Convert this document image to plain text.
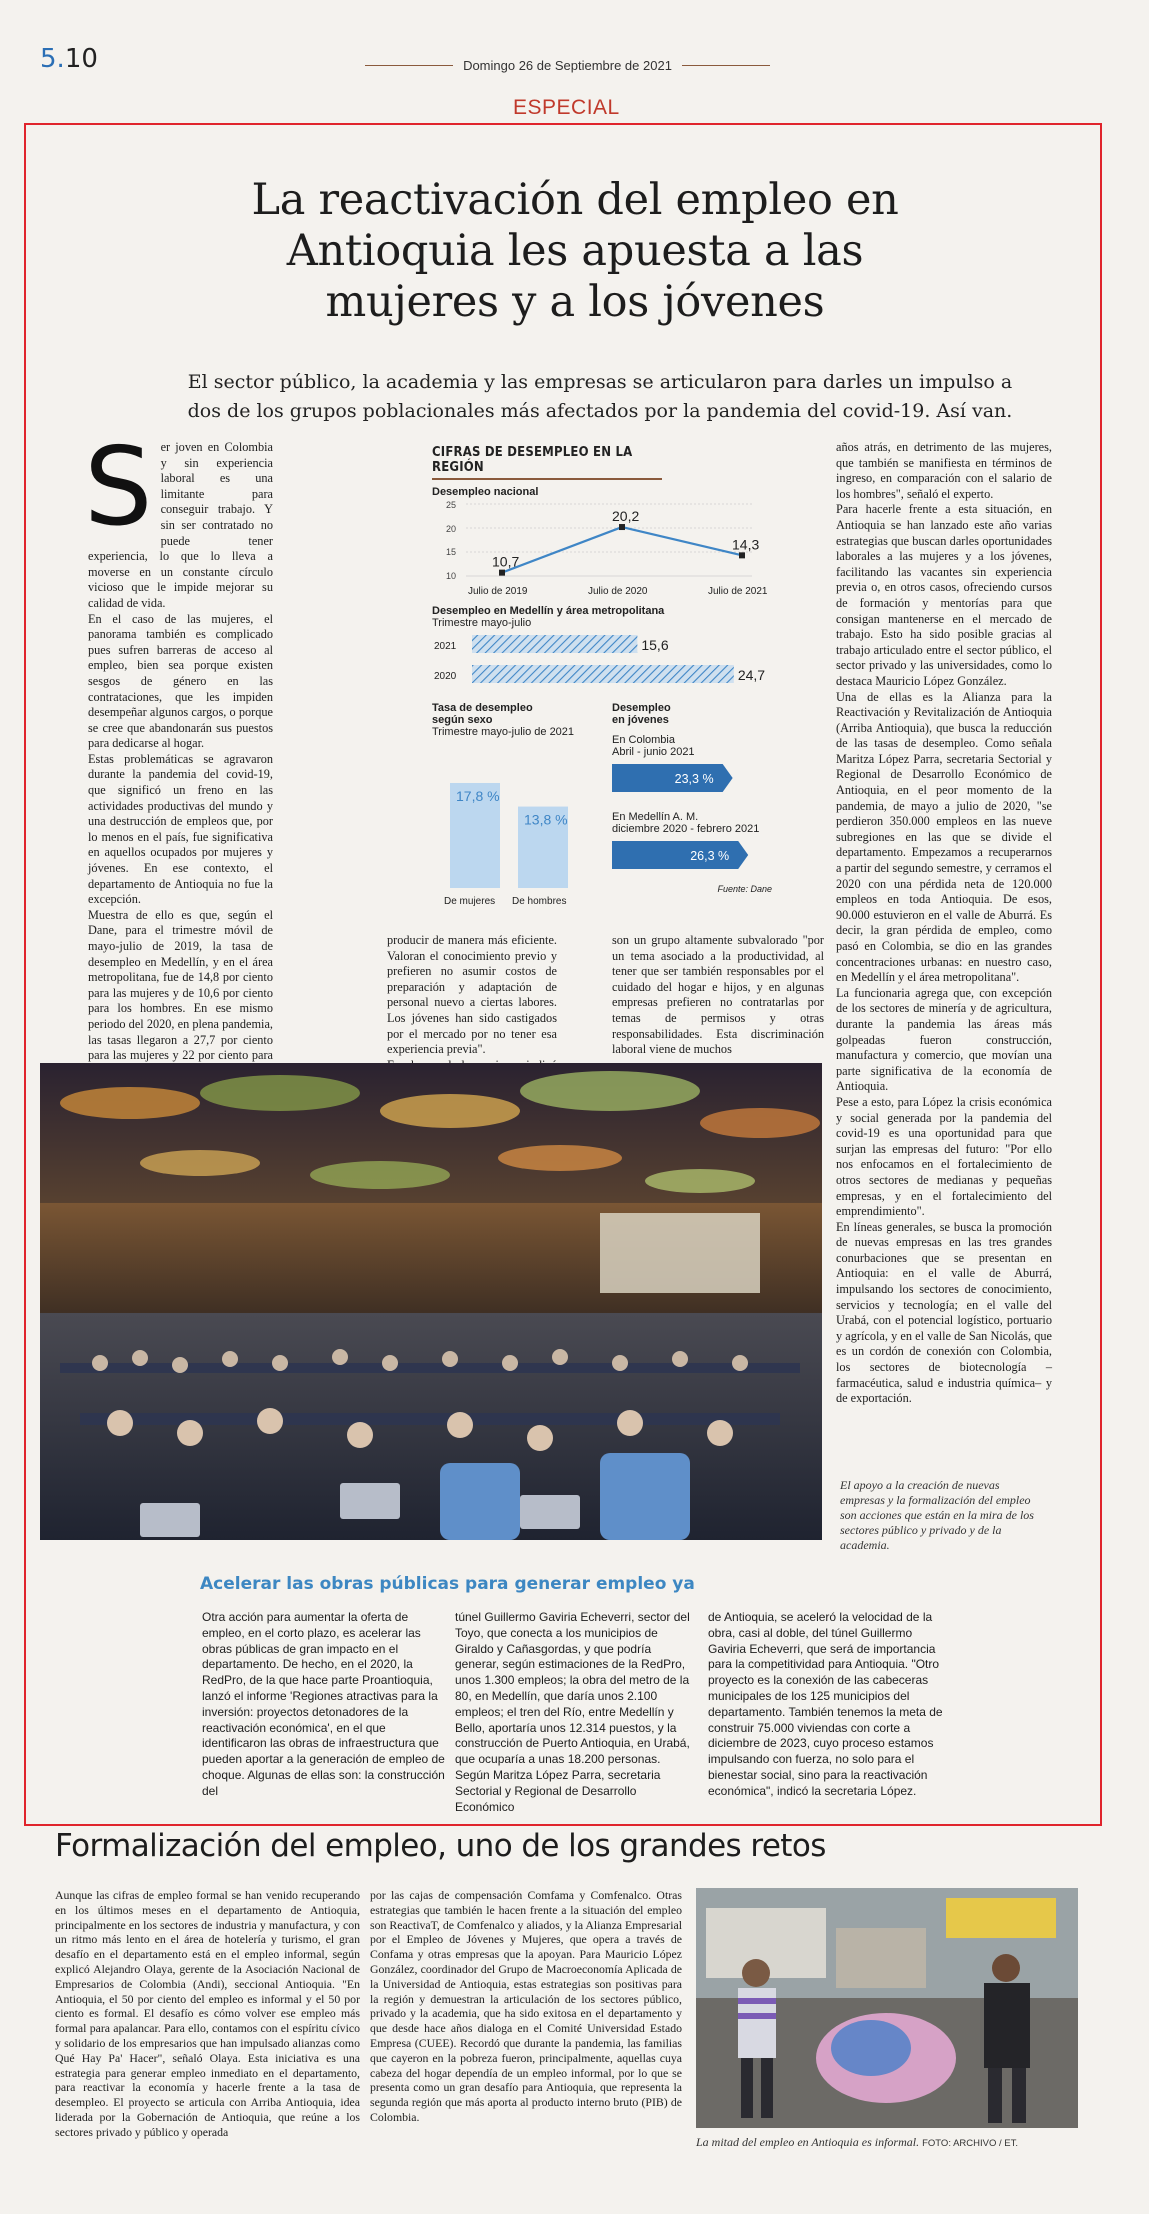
5.10	Domingo 26 de Septiembre de 2021
ESPECIAL
La reactivación del empleo en Antioquia les apuesta a las mujeres y a los jóvenes

El sector público, la academia y las empresas se articularon para darles un impulso a dos de los grupos poblacionales más afectados por la pandemia del covid-19. Así van.

S er joven en Colombia y sin experiencia laboral es una limitante para conseguir trabajo. Y sin ser contratado no puede tener experiencia, lo que lo lleva a moverse en un constante círculo vicioso que le impide mejorar su calidad de vida.

En el caso de las mujeres, el panorama también es complicado pues sufren barreras de acceso al empleo, bien sea porque existen sesgos de género en las contrataciones, que les impiden desempeñar algunos cargos, o porque se cree que abandonarán sus puestos para dedicarse al hogar.

Estas problemáticas se agravaron durante la pandemia del covid-19, que significó un freno en las actividades productivas del mundo y una destrucción de empleos que, por lo menos en el país, fue significativa en aquellos ocupados por mujeres y jóvenes. En ese contexto, el departamento de Antioquia no fue la excepción.

Muestra de ello es que, según el Dane, para el trimestre móvil de mayo-julio de 2019, la tasa de desempleo en Medellín, y en el área metropolitana, fue de 14,8 por ciento para las mujeres y de 10,6 por ciento para los hombres. En ese mismo periodo del 2020, en plena pandemia, las tasas llegaron a 27,7 por ciento para las mujeres y 22 por ciento para

CIFRAS DE DESEMPLEO EN LA REGIÓN
Desempleo nacional
25
20
15
10
10,7
Julio de 2019
20,2
Julio de 2020
14,3
Julio de 2021
Desempleo en Medellín y área metropolitana
Trimestre mayo-julio
2021	15,6
2020	24,7
Tasa de desempleo
según sexo
Trimestre mayo-julio de 2021
17,8 %
De mujeres
13,8 %
De hombres
Desempleo
en jóvenes
En Colombia
Abril - junio 2021
23,3 %
En Medellín A. M.
diciembre 2020 - febrero 2021
26,3 %
Fuente: Dane

producir de manera más eficiente. Valoran el conocimiento previo y prefieren no asumir costos de preparación y adaptación de personal nuevo a ciertas labores. Los jóvenes han sido castigados por el mercado por no tener esa experiencia previa".

son un grupo altamente subvalorado "por un tema asociado a la productividad, al tener que ser también responsables por el cuidado del hogar e hijos, y en algunas empresas prefieren no contratarlas por temas de permisos y otras responsabilidades. Esta discriminación laboral viene de muchos

años atrás, en detrimento de las mujeres, que también se manifiesta en términos de ingreso, en comparación con el salario de los hombres", señaló el experto.

Para hacerle frente a esta situación, en Antioquia se han lanzado este año varias estrategias que buscan darles oportunidades laborales a las mujeres y a los jóvenes, facilitando las vacantes sin experiencia previa o, en otros casos, ofreciendo cursos de formación y mentorías para que consigan mantenerse en el mercado de trabajo. Esto ha sido posible gracias al trabajo articulado entre el sector público, el sector privado y las universidades, como lo destaca Mauricio López González.

Una de ellas es la Alianza para la Reactivación y Revitalización de Antioquia (Arriba Antioquia), que busca la reducción de las tasas de desempleo. Como señala Maritza López Parra, secretaria Sectorial y Regional de Desarrollo Económico de Antioquia, en el peor momento de la pandemia, de mayo a julio de 2020, "se perdieron 350.000 empleos en las nueve subregiones en las que se divide el departamento. Empezamos a recuperarnos a partir del segundo semestre, y cerramos el 2020 con una pérdida neta de 120.000 empleos en toda Antioquia. De esos, 90.000 estuvieron en el valle de Aburrá. Es decir, la gran pérdida de empleo, como pasó en Colombia, se dio en las grandes concentraciones urbanas: en nuestro caso, en Medellín y el área metropolitana".

La funcionaria agrega que, con excepción de los sectores de minería y de agricultura, durante la pandemia las áreas más golpeadas fueron construcción, manufactura y comercio, que movían una parte significativa de la economía de Antioquia.

Pese a esto, para López la crisis económica y social generada por la pandemia del covid-19 es una oportunidad para que surjan las empresas del futuro: "Por ello nos enfocamos en el fortalecimiento de otros sectores de medianas y pequeñas empresas, y en el fortalecimiento del emprendimiento".

En líneas generales, se busca la promoción de nuevas empresas en las tres grandes conurbaciones que se presentan en Antioquia: en el valle de Aburrá, impulsando los sectores de conocimiento, servicios y tecnología; en el valle del Urabá, con el potencial logístico, portuario y agrícola, y en el valle de San Nicolás, que es un cordón de conexión con Colombia, los sectores de biotecnología –farmacéutica, salud e industria química– y de exportación.

El apoyo a la creación de nuevas empresas y la formalización del empleo son acciones que están en la mira de los sectores público y privado y de la academia.
Acelerar las obras públicas para generar empleo ya
Otra acción para aumentar la oferta de empleo, en el corto plazo, es acelerar las obras públicas de gran impacto en el departamento. De hecho, en el 2020, la RedPro, de la que hace parte Proantioquia, lanzó el informe 'Regiones atractivas para la inversión: proyectos detonadores de la reactivación económica', en el que identificaron las obras de infraestructura que pueden aportar a la generación de empleo de choque. Algunas de ellas son: la construcción del
túnel Guillermo Gaviria Echeverri, sector del Toyo, que conecta a los municipios de Giraldo y Cañasgordas, y que podría generar, según estimaciones de la RedPro, unos 1.300 empleos; la obra del metro de la 80, en Medellín, que daría unos 2.100 empleos; el tren del Río, entre Medellín y Bello, aportaría unos 12.314 puestos, y la construcción de Puerto Antioquia, en Urabá, que ocuparía a unas 18.200 personas. Según Maritza López Parra, secretaria Sectorial y Regional de Desarrollo Económico
de Antioquia, se aceleró la velocidad de la obra, casi al doble, del túnel Guillermo Gaviria Echeverri, que será de importancia para la competitividad para Antioquia. "Otro proyecto es la conexión de las cabeceras municipales de los 125 municipios del departamento. También tenemos la meta de construir 75.000 viviendas con corte a diciembre de 2023, cuyo proceso estamos impulsando con fuerza, no solo para el bienestar social, sino para la reactivación económica", indicó la secretaria López.
Formalización del empleo, uno de los grandes retos
Aunque las cifras de empleo formal se han venido recuperando en los últimos meses en el departamento de Antioquia, principalmente en los sectores de industria y manufactura, y con un ritmo más lento en el área de hotelería y turismo, el gran desafío en el departamento está en el empleo informal, según explicó Alejandro Olaya, gerente de la Asociación Nacional de Empresarios de Colombia (Andi), seccional Antioquia. "En Antioquia, el 50 por ciento del empleo es informal y el 50 por ciento es formal. El desafío es cómo volver ese empleo más formal para apalancar. Para ello, contamos con el espíritu cívico y solidario de los empresarios que han impulsado alianzas como Qué Hay Pa' Hacer", señaló Olaya. Esta iniciativa es una estrategia para generar empleo inmediato en el departamento, para reactivar la economía y hacerle frente a la tasa de desempleo. El proyecto se articula con Arriba Antioquia, idea liderada por la Gobernación de Antioquia, que reúne a los sectores privado y público y operada
por las cajas de compensación Comfama y Comfenalco. Otras estrategias que también le hacen frente a la situación del empleo son ReactivaT, de Comfenalco y aliados, y la Alianza Empresarial por el Empleo de Jóvenes y Mujeres, que opera a través de Confama y otras empresas que la apoyan. Para Mauricio López González, coordinador del Grupo de Macroeconomía Aplicada de la Universidad de Antioquia, estas estrategias son positivas para la región y demuestran la articulación de los sectores público, privado y la academia, que ha sido exitosa en el departamento y que desde hace años dialoga en el Comité Universidad Estado Empresa (CUEE). Recordó que durante la pandemia, las familias que cayeron en la pobreza fueron, principalmente, aquellas cuya cabeza del hogar dependía de un empleo informal, por lo que se presenta como un gran desafío para Antioquia, que representa la segunda región que más aporta al producto interno bruto (PIB) de Colombia.
La mitad del empleo en Antioquia es informal. FOTO: ARCHIVO / ET.
